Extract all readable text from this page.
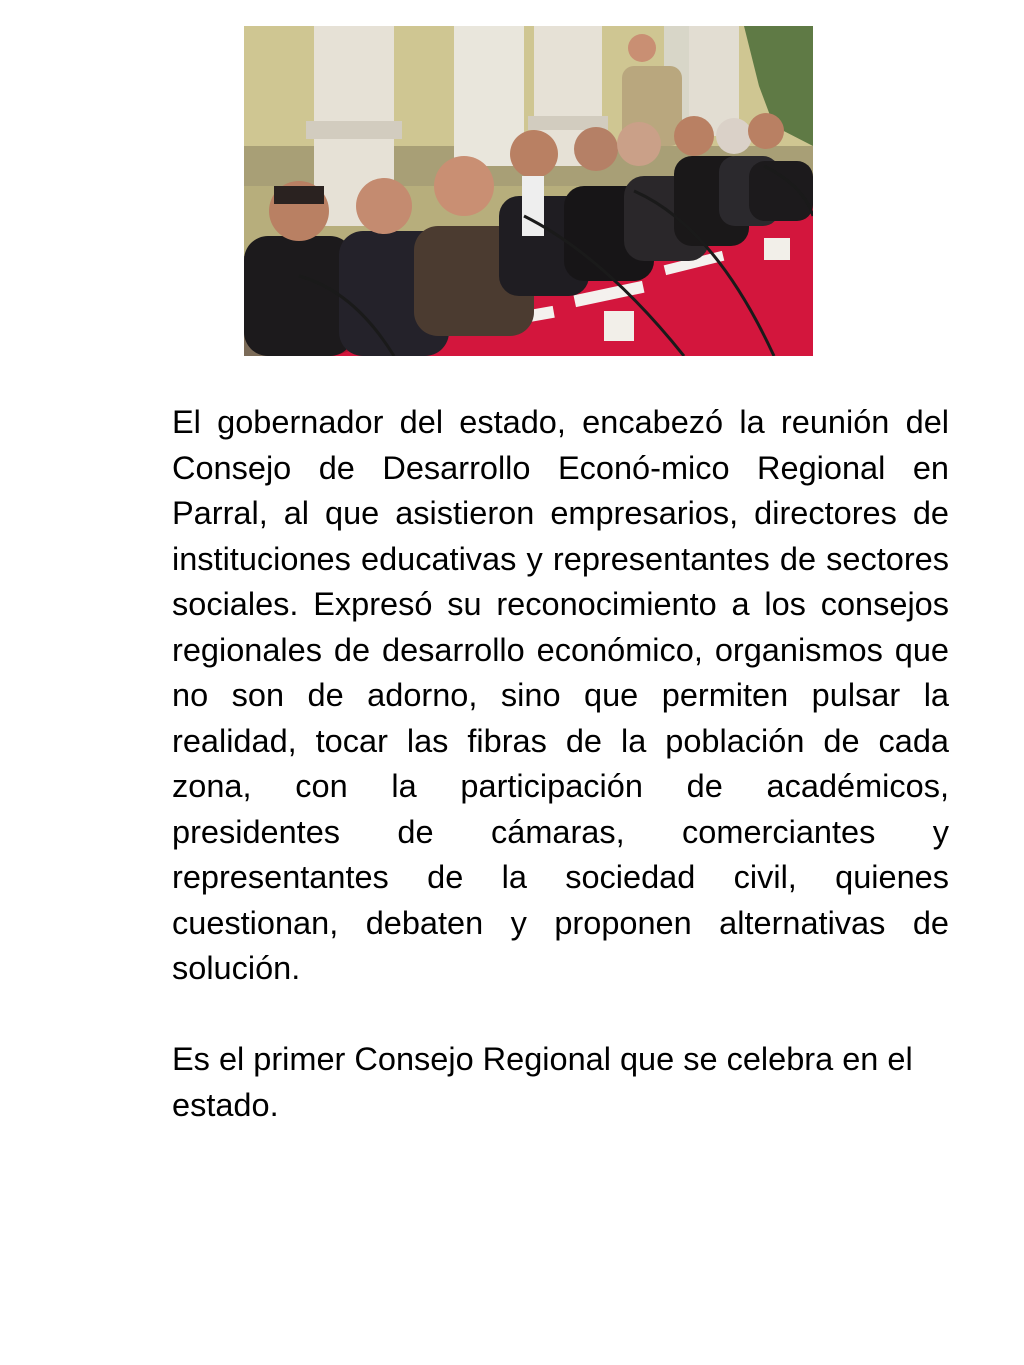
El gobernador del estado, encabezó la reunión del Consejo de Desarrollo Econó-mico Regional en Parral, al que asistieron empresarios, directores de instituciones educativas y representantes de sectores sociales. Expresó su reconocimiento a los consejos regionales de desarrollo económico, organismos que no son de adorno, sino que permiten pulsar la realidad, tocar las fibras de la población de cada zona, con la participación de académicos, presidentes de cámaras, comerciantes y representantes de la sociedad civil, quienes cuestionan, debaten y proponen alternativas de solución.

Es el primer Consejo Regional que se celebra en el estado.
